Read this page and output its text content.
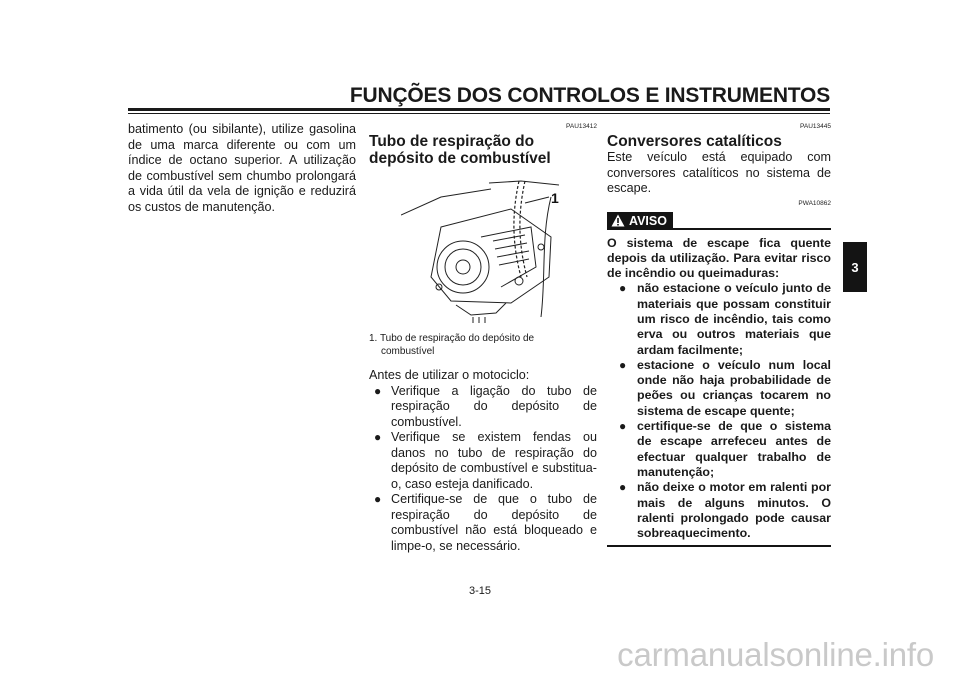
FUNÇÕES DOS CONTROLOS E INSTRUMENTOS
3

batimento (ou sibilante), utilize gasolina de uma marca diferente ou com um índice de octano superior. A utilização de combustível sem chumbo prolongará a vida útil da vela de ignição e reduzirá os custos de manutenção.

PAU13412
Tubo de respiração do depósito de combustível
1
1. Tubo de respiração do depósito de
combustível

Antes de utilizar o motociclo:

● Verifique a ligação do tubo de respiração do depósito de combustível.
● Verifique se existem fendas ou danos no tubo de respiração do depósito de combustível e substitua-o, caso esteja danificado.
● Certifique-se de que o tubo de respiração do depósito de combustível não está bloqueado e limpe-o, se necessário.
PAU13445
Conversores catalíticos

Este veículo está equipado com conversores catalíticos no sistema de escape.

PWA10862
AVISO

O sistema de escape fica quente depois da utilização. Para evitar risco de incêndio ou queimaduras:

● não estacione o veículo junto de materiais que possam constituir um risco de incêndio, tais como erva ou outros materiais que ardam facilmente;
● estacione o veículo num local onde não haja probabilidade de peões ou crianças tocarem no sistema de escape quente;
● certifique-se de que o sistema de escape arrefeceu antes de efectuar qualquer trabalho de manutenção;
● não deixe o motor em ralenti por mais de alguns minutos. O ralenti prolongado pode causar sobreaquecimento.
3-15
carmanualsonline.info
